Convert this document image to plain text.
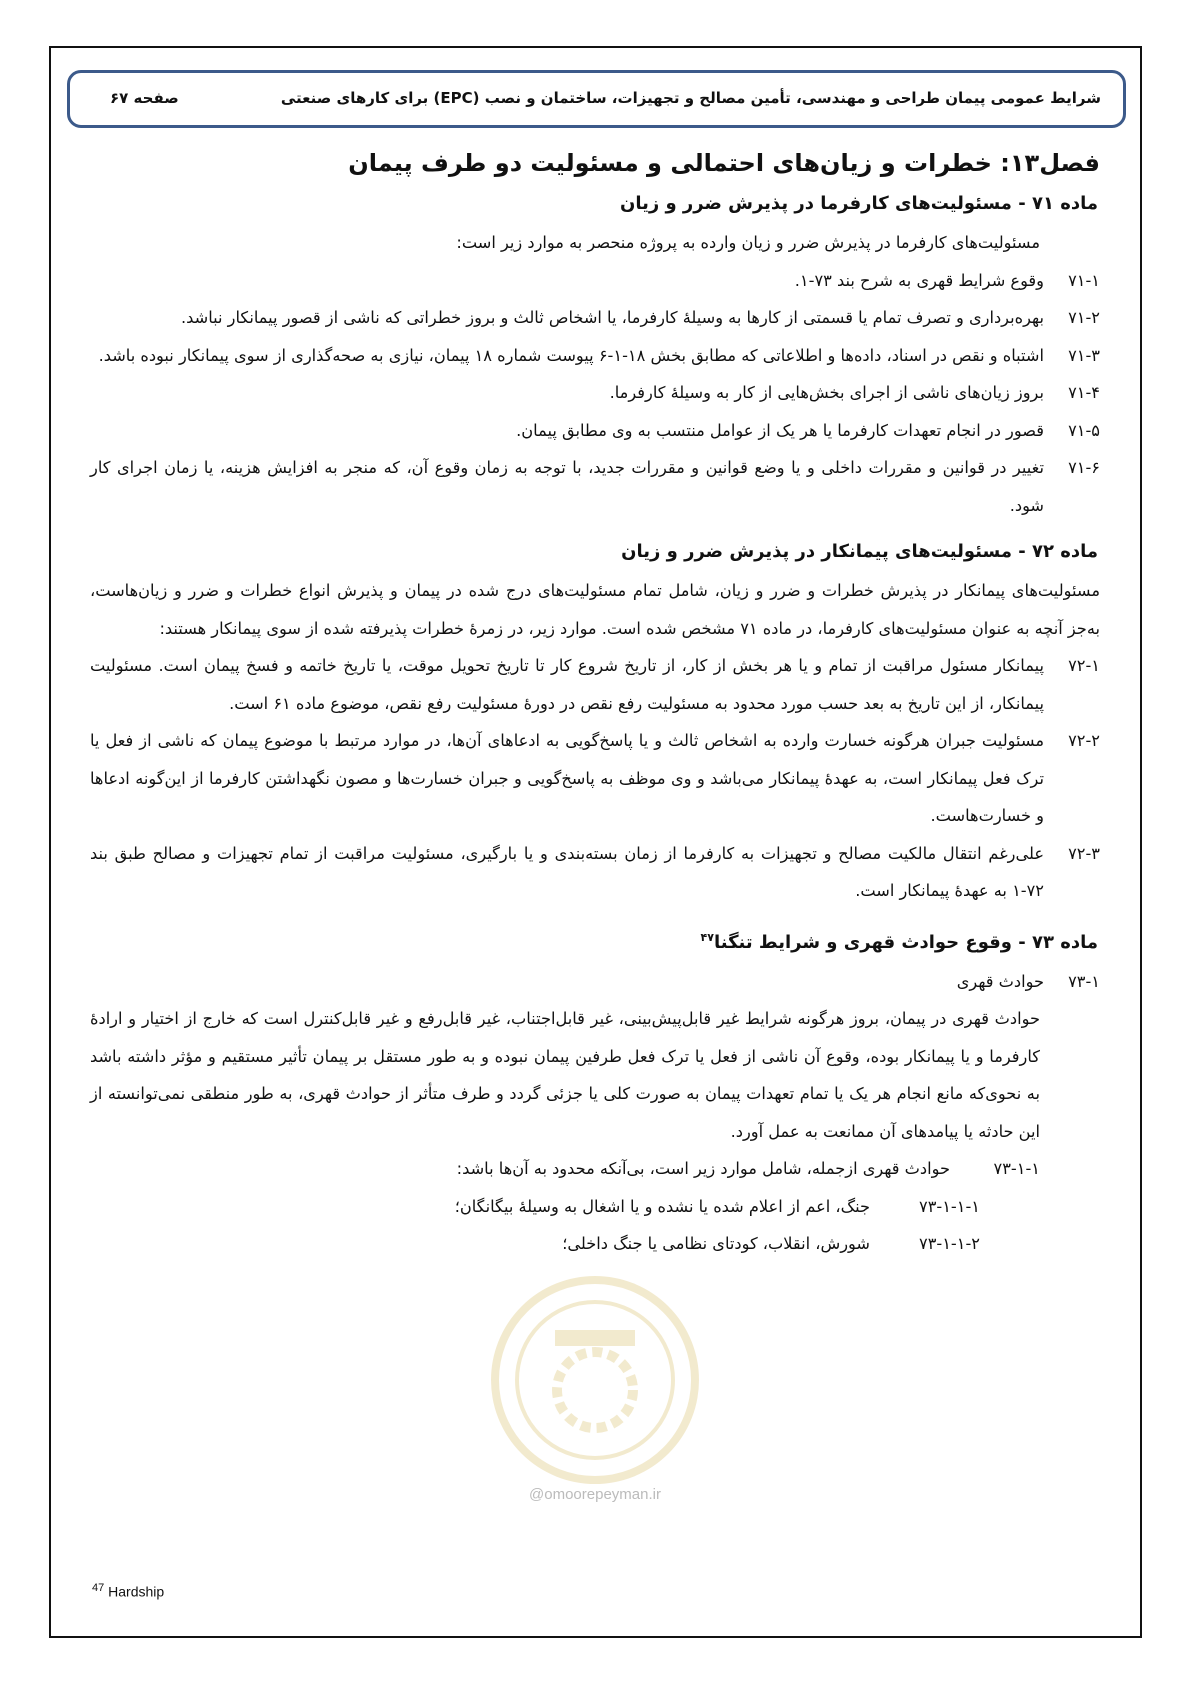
شرایط عمومی پیمان طراحی و مهندسی، تأمین مصالح و تجهیزات، ساختمان و نصب (EPC) برای کارهای صنعتی
صفحه ۶۷
@omoorepeyman.ir

فصل۱۳: خطرات و زیان‌های احتمالی و مسئولیت دو طرف پیمان

ماده ۷۱ - مسئولیت‌های کارفرما در پذیرش ضرر و زیان

مسئولیت‌های کارفرما در پذیرش ضرر و زیان وارده به پروژه منحصر به موارد زیر است:

۷۱-۱
وقوع شرایط قهری به شرح بند ۷۳-۱.
۷۱-۲
بهره‌برداری و تصرف تمام یا قسمتی از کارها به وسیلهٔ کارفرما، یا اشخاص ثالث و بروز خطراتی که ناشی از قصور پیمانکار نباشد.
۷۱-۳
اشتباه و نقص در اسناد، داده‌ها و اطلاعاتی که مطابق بخش ۱۸-۱-۶ پیوست شماره ۱۸ پیمان، نیازی به صحه‌گذاری از سوی پیمانکار نبوده باشد.
۷۱-۴
بروز زیان‌های ناشی از اجرای بخش‌هایی از کار به وسیلهٔ کارفرما.
۷۱-۵
قصور در انجام تعهدات کارفرما یا هر یک از عوامل منتسب به وی مطابق پیمان.
۷۱-۶
تغییر در قوانین و مقررات داخلی و یا وضع قوانین و مقررات جدید، با توجه به زمان وقوع آن، که منجر به افزایش هزینه، یا زمان اجرای کار شود.

ماده ۷۲ - مسئولیت‌های پیمانکار در پذیرش ضرر و زیان

مسئولیت‌های پیمانکار در پذیرش خطرات و ضرر و زیان، شامل تمام مسئولیت‌های درج شده در پیمان و پذیرش انواع خطرات و ضرر و زیان‌هاست، به‌جز آنچه به عنوان مسئولیت‌های کارفرما، در ماده ۷۱ مشخص شده است. موارد زیر، در زمرهٔ خطرات پذیرفته شده از سوی پیمانکار هستند:

۷۲-۱
پیمانکار مسئول مراقبت از تمام و یا هر بخش از کار، از تاریخ شروع کار تا تاریخ تحویل موقت، یا تاریخ خاتمه و فسخ پیمان است. مسئولیت پیمانکار، از این تاریخ به بعد حسب مورد محدود به مسئولیت رفع نقص در دورهٔ مسئولیت رفع نقص، موضوع ماده ۶۱ است.
۷۲-۲
مسئولیت جبران هرگونه خسارت وارده به اشخاص ثالث و یا پاسخ‌گویی به ادعاهای آن‌ها، در موارد مرتبط با موضوع پیمان که ناشی از فعل یا ترک فعل پیمانکار است، به عهدهٔ پیمانکار می‌باشد و وی موظف به پاسخ‌گویی و جبران خسارت‌ها و مصون نگهداشتن کارفرما از این‌گونه ادعاها و خسارت‌هاست.
۷۲-۳
علی‌رغم انتقال مالکیت مصالح و تجهیزات به کارفرما از زمان بسته‌بندی و یا بارگیری، مسئولیت مراقبت از تمام تجهیزات و مصالح طبق بند ۷۲-۱ به عهدهٔ پیمانکار است.

ماده ۷۳ - وقوع حوادث قهری و شرایط تنگنا$^{۴۷}$

۷۳-۱
حوادث قهری

حوادث قهری در پیمان، بروز هرگونه شرایط غیر قابل‌پیش‌بینی، غیر قابل‌اجتناب، غیر قابل‌رفع و غیر قابل‌کنترل است که خارج از اختیار و ارادهٔ کارفرما و یا پیمانکار بوده، وقوع آن ناشی از فعل یا ترک فعل طرفین پیمان نبوده و به طور مستقل بر پیمان تأثیر مستقیم و مؤثر داشته باشد به نحوی‌که مانع انجام هر یک یا تمام تعهدات پیمان به صورت کلی یا جزئی گردد و طرف متأثر از حوادث قهری، به طور منطقی نمی‌توانسته از این حادثه یا پیامدهای آن ممانعت به عمل آورد.

۷۳-۱-۱
حوادث قهری ازجمله، شامل موارد زیر است، بی‌آنکه محدود به آن‌ها باشد:
۷۳-۱-۱-۱
جنگ، اعم از اعلام شده یا نشده و یا اشغال به وسیلهٔ بیگانگان؛
۷۳-۱-۱-۲
شورش، انقلاب، کودتای نظامی یا جنگ داخلی؛
$^{47}$ Hardship
